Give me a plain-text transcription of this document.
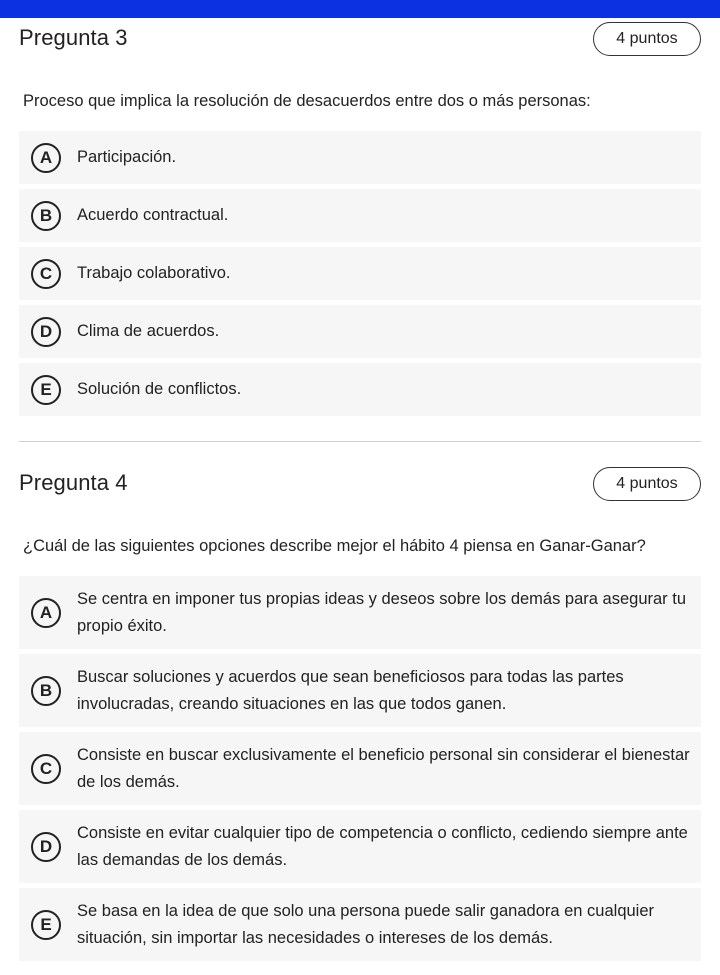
Pregunta 3	4 puntos
Proceso que implica la resolución de desacuerdos entre dos o más personas:
A	Participación.
B	Acuerdo contractual.
C	Trabajo colaborativo.
D	Clima de acuerdos.
E	Solución de conflictos.
Pregunta 4	4 puntos
¿Cuál de las siguientes opciones describe mejor el hábito 4 piensa en Ganar-Ganar?
A
Se centra en imponer tus propias ideas y deseos sobre los demás para asegurar tu propio éxito.
B
Buscar soluciones y acuerdos que sean beneficiosos para todas las partes involucradas, creando situaciones en las que todos ganen.
C
Consiste en buscar exclusivamente el beneficio personal sin considerar el bienestar de los demás.
D
Consiste en evitar cualquier tipo de competencia o conflicto, cediendo siempre ante las demandas de los demás.
E
Se basa en la idea de que solo una persona puede salir ganadora en cualquier situación, sin importar las necesidades o intereses de los demás.
